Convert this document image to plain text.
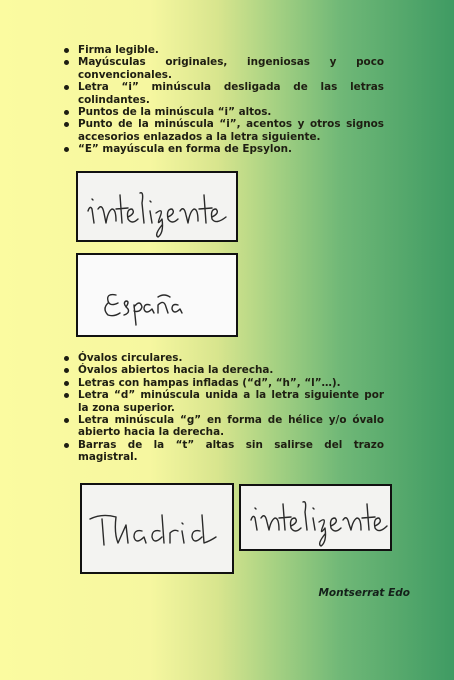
Firma legible.
Mayúsculas originales, ingeniosas y poco convencionales.
Letra “i” minúscula desligada de las letras colindantes.
Puntos de la minúscula “i” altos.
Punto de la minúscula “i”, acentos y otros signos accesorios enlazados a la letra siguiente.
“E” mayúscula en forma de Epsylon.
Óvalos circulares.
Óvalos abiertos hacia la derecha.
Letras con hampas infladas (“d”, “h”, “l”…).
Letra “d” minúscula unida a la letra siguiente por la zona superior.
Letra minúscula “g” en forma de hélice y/o óvalo abierto hacia la derecha.
Barras de la “t” altas sin salirse del trazo magistral.
Montserrat Edo
